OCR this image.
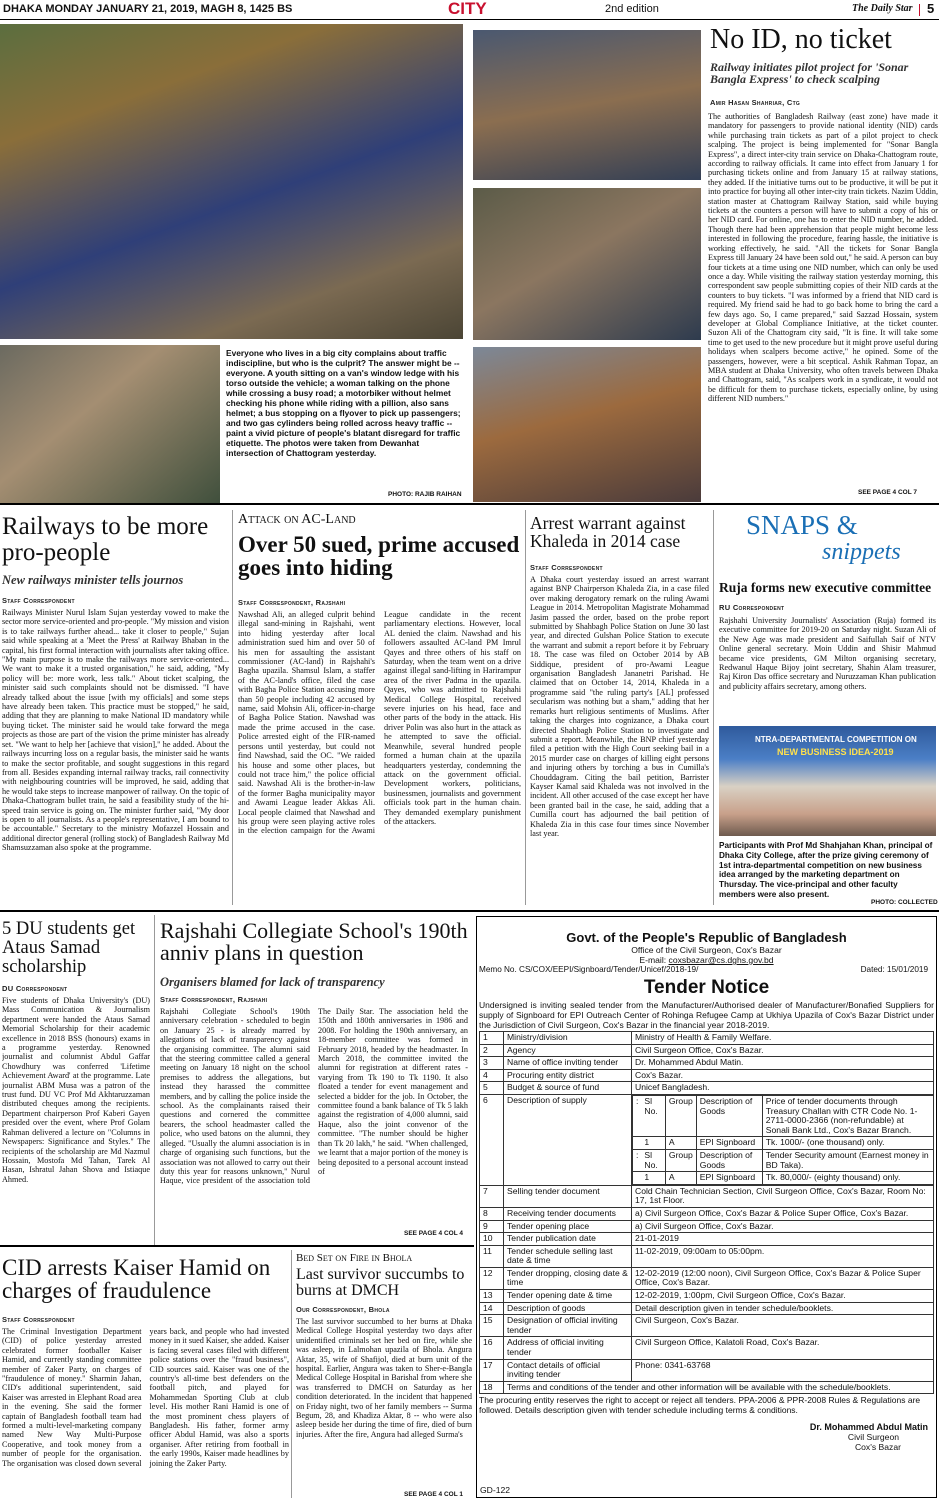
DHAKA MONDAY JANUARY 21, 2019, MAGH 8, 1425 BS	CITY	2nd edition	The Daily Star 5
Everyone who lives in a big city complains about traffic indiscipline, but who is the culprit? The answer might be -- everyone. A youth sitting on a van's window ledge with his torso outside the vehicle; a woman talking on the phone while crossing a busy road; a motorbiker without helmet checking his phone while riding with a pillion, also sans helmet; a bus stopping on a flyover to pick up passengers; and two gas cylinders being rolled across heavy traffic -- paint a vivid picture of people's blatant disregard for traffic etiquette. The photos were taken from Dewanhat intersection of Chattogram yesterday.
PHOTO: RAJIB RAIHAN
No ID, no ticket
Railway initiates pilot project for 'Sonar Bangla Express' to check scalping
Amir Hasan Shahriar, Ctg
The authorities of Bangladesh Railway (east zone) have made it mandatory for passengers to provide national identity (NID) cards while purchasing train tickets as part of a pilot project to check scalping. The project is being implemented for "Sonar Bangla Express", a direct inter-city train service on Dhaka-Chattogram route, according to railway officials. It came into effect from January 1 for purchasing tickets online and from January 15 at railway stations, they added. If the initiative turns out to be productive, it will be put it into practice for buying all other inter-city train tickets. Nazim Uddin, station master at Chattogram Railway Station, said while buying tickets at the counters a person will have to submit a copy of his or her NID card. For online, one has to enter the NID number, he added. Though there had been apprehension that people might become less interested in following the procedure, fearing hassle, the initiative is working effectively, he said. "All the tickets for Sonar Bangla Express till January 24 have been sold out," he said. A person can buy four tickets at a time using one NID number, which can only be used once a day. While visiting the railway station yesterday morning, this correspondent saw people submitting copies of their NID cards at the counters to buy tickets. "I was informed by a friend that NID card is required. My friend said he had to go back home to bring the card a few days ago. So, I came prepared," said Sazzad Hossain, system developer at Global Compliance Initiative, at the ticket counter. Suzon Ali of the Chattogram city said, "It is fine. It will take some time to get used to the new procedure but it might prove useful during holidays when scalpers become active," he opined. Some of the passengers, however, were a bit sceptical. Ashik Rahman Topaz, an MBA student at Dhaka University, who often travels between Dhaka and Chattogram, said, "As scalpers work in a syndicate, it would not be difficult for them to purchase tickets, especially online, by using different NID numbers."
SEE PAGE 4 COL 7
Railways to be more pro-people
New railways minister tells journos
Staff Correspondent
Railways Minister Nurul Islam Sujan yesterday vowed to make the sector more service-oriented and pro-people. "My mission and vision is to take railways further ahead... take it closer to people," Sujan said while speaking at a 'Meet the Press' at Railway Bhaban in the capital, his first formal interaction with journalists after taking office. "My main purpose is to make the railways more service-oriented... We want to make it a trusted organisation," he said, adding, "My policy will be: more work, less talk." About ticket scalping, the minister said such complaints should not be dismissed. "I have already talked about the issue [with my officials] and some steps have already been taken. This practice must be stopped," he said, adding that they are planning to make National ID mandatory while buying ticket. The minister said he would take forward the mega projects as those are part of the vision the prime minister has already set. "We want to help her [achieve that vision]," he added. About the railways incurring loss on a regular basis, the minister said he wants to make the sector profitable, and sought suggestions in this regard from all. Besides expanding internal railway tracks, rail connectivity with neighbouring countries will be improved, he said, adding that he would take steps to increase manpower of railway. On the topic of Dhaka-Chattogram bullet train, he said a feasibility study of the hi-speed train service is going on. The minister further said, "My door is open to all journalists. As a people's representative, I am bound to be accountable." Secretary to the ministry Mofazzel Hossain and additional director general (rolling stock) of Bangladesh Railway Md Shamsuzzaman also spoke at the programme.
Attack on AC-Land
Over 50 sued, prime accused goes into hiding
Staff Correspondent, Rajshahi
Nawshad Ali, an alleged culprit behind illegal sand-mining in Rajshahi, went into hiding yesterday after local administration sued him and over 50 of his men for assaulting the assistant commissioner (AC-land) in Rajshahi's Bagha upazila. Shamsul Islam, a staffer of the AC-land's office, filed the case with Bagha Police Station accusing more than 50 people including 42 accused by name, said Mohsin Ali, officer-in-charge of Bagha Police Station. Nawshad was made the prime accused in the case. Police arrested eight of the FIR-named persons until yesterday, but could not find Nawshad, said the OC. "We raided his house and some other places, but could not trace him," the police official said. Nawshad Ali is the brother-in-law of the former Bagha municipality mayor and Awami League leader Akkas Ali. Local people claimed that Nawshad and his group were seen playing active roles in the election campaign for the Awami League candidate in the recent parliamentary elections. However, local AL denied the claim. Nawshad and his followers assaulted AC-land PM Imrul Qayes and three others of his staff on Saturday, when the team went on a drive against illegal sand-lifting in Harirampur area of the river Padma in the upazila. Qayes, who was admitted to Rajshahi Medical College Hospital, received severe injuries on his head, face and other parts of the body in the attack. His driver Polin was also hurt in the attack as he attempted to save the official. Meanwhile, several hundred people formed a human chain at the upazila headquarters yesterday, condemning the attack on the government official. Development workers, politicians, businessmen, journalists and government officials took part in the human chain. They demanded exemplary punishment of the attackers.
Arrest warrant against Khaleda in 2014 case
Staff Correspondent
A Dhaka court yesterday issued an arrest warrant against BNP Chairperson Khaleda Zia, in a case filed over making derogatory remark on the ruling Awami League in 2014. Metropolitan Magistrate Mohammad Jasim passed the order, based on the probe report submitted by Shahbagh Police Station on June 30 last year, and directed Gulshan Police Station to execute the warrant and submit a report before it by February 18. The case was filed on October 2014 by AB Siddique, president of pro-Awami League organisation Bangladesh Jananetri Parishad. He claimed that on October 14, 2014, Khaleda in a programme said "the ruling party's [AL] professed secularism was nothing but a sham," adding that her remarks hurt religious sentiments of Muslims. After taking the charges into cognizance, a Dhaka court directed Shahbagh Police Station to investigate and submit a report. Meanwhile, the BNP chief yesterday filed a petition with the High Court seeking bail in a 2015 murder case on charges of killing eight persons and injuring others by torching a bus in Cumilla's Chouddagram. Citing the bail petition, Barrister Kayser Kamal said Khaleda was not involved in the incident. All other accused of the case except her have been granted bail in the case, he said, adding that a Cumilla court has adjourned the bail petition of Khaleda Zia in this case four times since November last year.
SNAPS &
snippets
Ruja forms new executive committee
RU Correspondent
Rajshahi University Journalists' Association (Ruja) formed its executive committee for 2019-20 on Saturday night. Suzan Ali of the New Age was made president and Saifullah Saif of NTV Online general secretary. Moin Uddin and Shisir Mahmud became vice presidents, GM Milton organising secretary, Redwanul Haque Bijoy joint secretary, Shahin Alam treasurer, Raj Kiron Das office secretary and Nuruzzaman Khan publication and publicity affairs secretary, among others.
NTRA-DEPARTMENTAL COMPETITION ON
NEW BUSINESS IDEA-2019
Participants with Prof Md Shahjahan Khan, principal of Dhaka City College, after the prize giving ceremony of 1st intra-departmental competition on new business idea arranged by the marketing department on Thursday. The vice-principal and other faculty members were also present.
PHOTO: COLLECTED
5 DU students get Ataus Samad scholarship
DU Correspondent
Five students of Dhaka University's (DU) Mass Communication & Journalism department were handed the Ataus Samad Memorial Scholarship for their academic excellence in 2018 BSS (honours) exams in a programme yesterday. Renowned journalist and columnist Abdul Gaffar Chowdhury was conferred 'Lifetime Achievement Award' at the programme. Late journalist ABM Musa was a patron of the trust fund. DU VC Prof Md Akhtaruzzaman distributed cheques among the recipients. Department chairperson Prof Kaberi Gayen presided over the event, where Prof Golam Rahman delivered a lecture on "Columns in Newspapers: Significance and Styles." The recipients of the scholarship are Md Nazmul Hossain, Mostofa Md Tahan, Tarek Al Hasan, Ishratul Jahan Shova and Istiaque Ahmed.
Rajshahi Collegiate School's 190th anniv plans in question
Organisers blamed for lack of transparency
Staff Correspondent, Rajshahi
Rajshahi Collegiate School's 190th anniversary celebration - scheduled to begin on January 25 - is already marred by allegations of lack of transparency against the organising committee. The alumni said that the steering committee called a general meeting on January 18 night on the school premises to address the allegations, but instead they harassed the committee members, and by calling the police inside the school. As the complainants raised their questions and cornered the committee bearers, the school headmaster called the police, who used batons on the alumni, they alleged. "Usually the alumni association is in charge of organising such functions, but the association was not allowed to carry out their duty this year for reasons unknown," Nurul Haque, vice president of the association told The Daily Star. The association held the 150th and 180th anniversaries in 1986 and 2008. For holding the 190th anniversary, an 18-member committee was formed in February 2018, headed by the headmaster. In March 2018, the committee invited the alumni for registration at different rates - varying from Tk 190 to Tk 1190. It also floated a tender for event management and selected a bidder for the job. In October, the committee found a bank balance of Tk 5 lakh against the registration of 4,000 alumni, said Haque, also the joint convenor of the committee. "The number should be higher than Tk 20 lakh," he said. "When challenged, we learnt that a major portion of the money is being deposited to a personal account instead of
SEE PAGE 4 COL 4
CID arrests Kaiser Hamid on charges of fraudulence
Staff Correspondent
The Criminal Investigation Department (CID) of police yesterday arrested celebrated former footballer Kaiser Hamid, and currently standing committee member of Zaker Party, on charges of "fraudulence of money." Sharmin Jahan, CID's additional superintendent, said Kaiser was arrested in Elephant Road area in the evening. She said the former captain of Bangladesh football team had formed a multi-level-marketing company named New Way Multi-Purpose Cooperative, and took money from a number of people for the organisation. The organisation was closed down several years back, and people who had invested money in it sued Kaiser, she added. Kaiser is facing several cases filed with different police stations over the "fraud business", CID sources said. Kaiser was one of the country's all-time best defenders on the football pitch, and played for Mohammedan Sporting Club at club level. His mother Rani Hamid is one of the most prominent chess players of Bangladesh. His father, former army officer Abdul Hamid, was also a sports organiser. After retiring from football in the early 1990s, Kaiser made headlines by joining the Zaker Party.
Bed Set on Fire in Bhola
Last survivor succumbs to burns at DMCH
Our Correspondent, Bhola
The last survivor succumbed to her burns at Dhaka Medical College Hospital yesterday two days after unidentified criminals set her bed on fire, while she was asleep, in Lalmohan upazila of Bhola. Angura Aktar, 35, wife of Shafijol, died at burn unit of the hospital. Earlier, Angura was taken to Sher-e-Bangla Medical College Hospital in Barishal from where she was transferred to DMCH on Saturday as her condition deteriorated. In the incident that happened on Friday night, two of her family members -- Surma Begum, 28, and Khadiza Aktar, 8 -- who were also asleep beside her during the time of fire, died of burn injuries. After the fire, Angura had alleged Surma's
SEE PAGE 4 COL 1
Govt. of the People's Republic of Bangladesh
Office of the Civil Surgeon, Cox's Bazar
E-mail: coxsbazar@cs.dghs.gov.bd
Memo No. CS/COX/EEPI/Signboard/Tender/Unicef/2018-19/	Dated: 15/01/2019
Tender Notice
Undersigned is inviting sealed tender from the Manufacturer/Authorised dealer of Manufacturer/Bonafied Suppliers for supply of Signboard for EPI Outreach Center of Rohinga Refugee Camp at Ukhiya Upazila of Cox's Bazar District under the Jurisdiction of Civil Surgeon, Cox's Bazar in the financial year 2018-2019.
1	Ministry/division	Ministry of Health & Family Welfare.
2	Agency	Civil Surgeon Office, Cox's Bazar.
3	Name of office inviting tender	Dr. Mohammed Abdul Matin.
4	Procuring entity district	Cox's Bazar.
5	Budget & source of fund	Unicef Bangladesh.
6	Description of supply		:	Sl No.	Group	Description of Goods	Price of tender documents through Treasury Challan with CTR Code No. 1-2711-0000-2366 (non-refundable) at Sonali Bank Ltd., Cox's Bazar Branch.
	1	A	EPI Signboard	Tk. 1000/- (one thousand) only.
:	Sl No.	Group	Description of Goods	Tender Security amount (Earnest money in BD Taka).
	1	A	EPI Signboard	Tk. 80,000/- (eighty thousand) only.

7	Selling tender document	Cold Chain Technician Section, Civil Surgeon Office, Cox's Bazar, Room No: 17, 1st Floor.
8	Receiving tender documents	a) Civil Surgeon Office, Cox's Bazar & Police Super Office, Cox's Bazar.
9	Tender opening place	a) Civil Surgeon Office, Cox's Bazar.
10	Tender publication date	21-01-2019
11	Tender schedule selling last date & time	11-02-2019, 09:00am to 05:00pm.
12	Tender dropping, closing date & time	12-02-2019 (12:00 noon), Civil Surgeon Office, Cox's Bazar & Police Super Office, Cox's Bazar.
13	Tender opening date & time	12-02-2019, 1:00pm, Civil Surgeon Office, Cox's Bazar.
14	Description of goods	Detail description given in tender schedule/booklets.
15	Designation of official inviting tender	Civil Surgeon, Cox's Bazar.
16	Address of official inviting tender	Civil Surgeon Office, Kalatoli Road, Cox's Bazar.
17	Contact details of official inviting tender	Phone: 0341-63768
18	Terms and conditions of the tender and other information will be available with the schedule/booklets.
The procuring entity reserves the right to accept or reject all tenders. PPA-2006 & PPR-2008 Rules & Regulations are followed. Details description given with tender schedule including terms & conditions.
Dr. Mohammed Abdul Matin
Civil Surgeon
Cox's Bazar
GD-122
